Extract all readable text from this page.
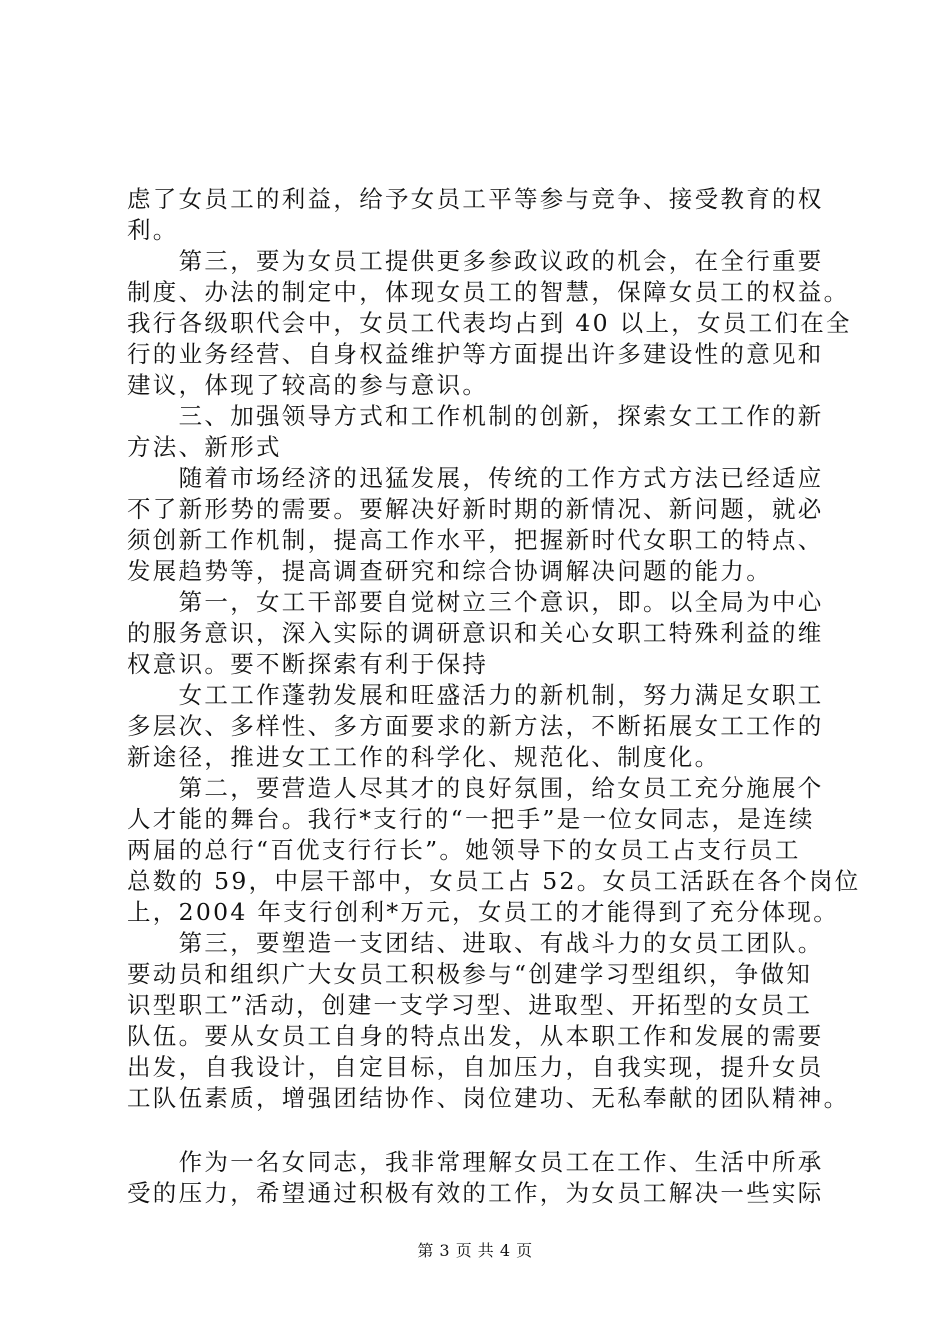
虑了女员工的利益，给予女员工平等参与竞争、接受教育的权
利。
　　第三，要为女员工提供更多参政议政的机会，在全行重要
制度、办法的制定中，体现女员工的智慧，保障女员工的权益。
我行各级职代会中，女员工代表均占到 40 以上，女员工们在全
行的业务经营、自身权益维护等方面提出许多建设性的意见和
建议，体现了较高的参与意识。
　　三、加强领导方式和工作机制的创新，探索女工工作的新
方法、新形式
　　随着市场经济的迅猛发展，传统的工作方式方法已经适应
不了新形势的需要。要解决好新时期的新情况、新问题，就必
须创新工作机制，提高工作水平，把握新时代女职工的特点、
发展趋势等，提高调查研究和综合协调解决问题的能力。
　　第一，女工干部要自觉树立三个意识，即。以全局为中心
的服务意识，深入实际的调研意识和关心女职工特殊利益的维
权意识。要不断探索有利于保持
　　女工工作蓬勃发展和旺盛活力的新机制，努力满足女职工
多层次、多样性、多方面要求的新方法，不断拓展女工工作的
新途径，推进女工工作的科学化、规范化、制度化。
　　第二，要营造人尽其才的良好氛围，给女员工充分施展个
人才能的舞台。我行*支行的“一把手”是一位女同志，是连续
两届的总行“百优支行行长”。她领导下的女员工占支行员工
总数的 59，中层干部中，女员工占 52。女员工活跃在各个岗位
上，2004 年支行创利*万元，女员工的才能得到了充分体现。
　　第三，要塑造一支团结、进取、有战斗力的女员工团队。
要动员和组织广大女员工积极参与“创建学习型组织，争做知
识型职工”活动，创建一支学习型、进取型、开拓型的女员工
队伍。要从女员工自身的特点出发，从本职工作和发展的需要
出发，自我设计，自定目标，自加压力，自我实现，提升女员
工队伍素质，增强团结协作、岗位建功、无私奉献的团队精神。
　　作为一名女同志，我非常理解女员工在工作、生活中所承
受的压力，希望通过积极有效的工作，为女员工解决一些实际
第 3 页 共 4 页
